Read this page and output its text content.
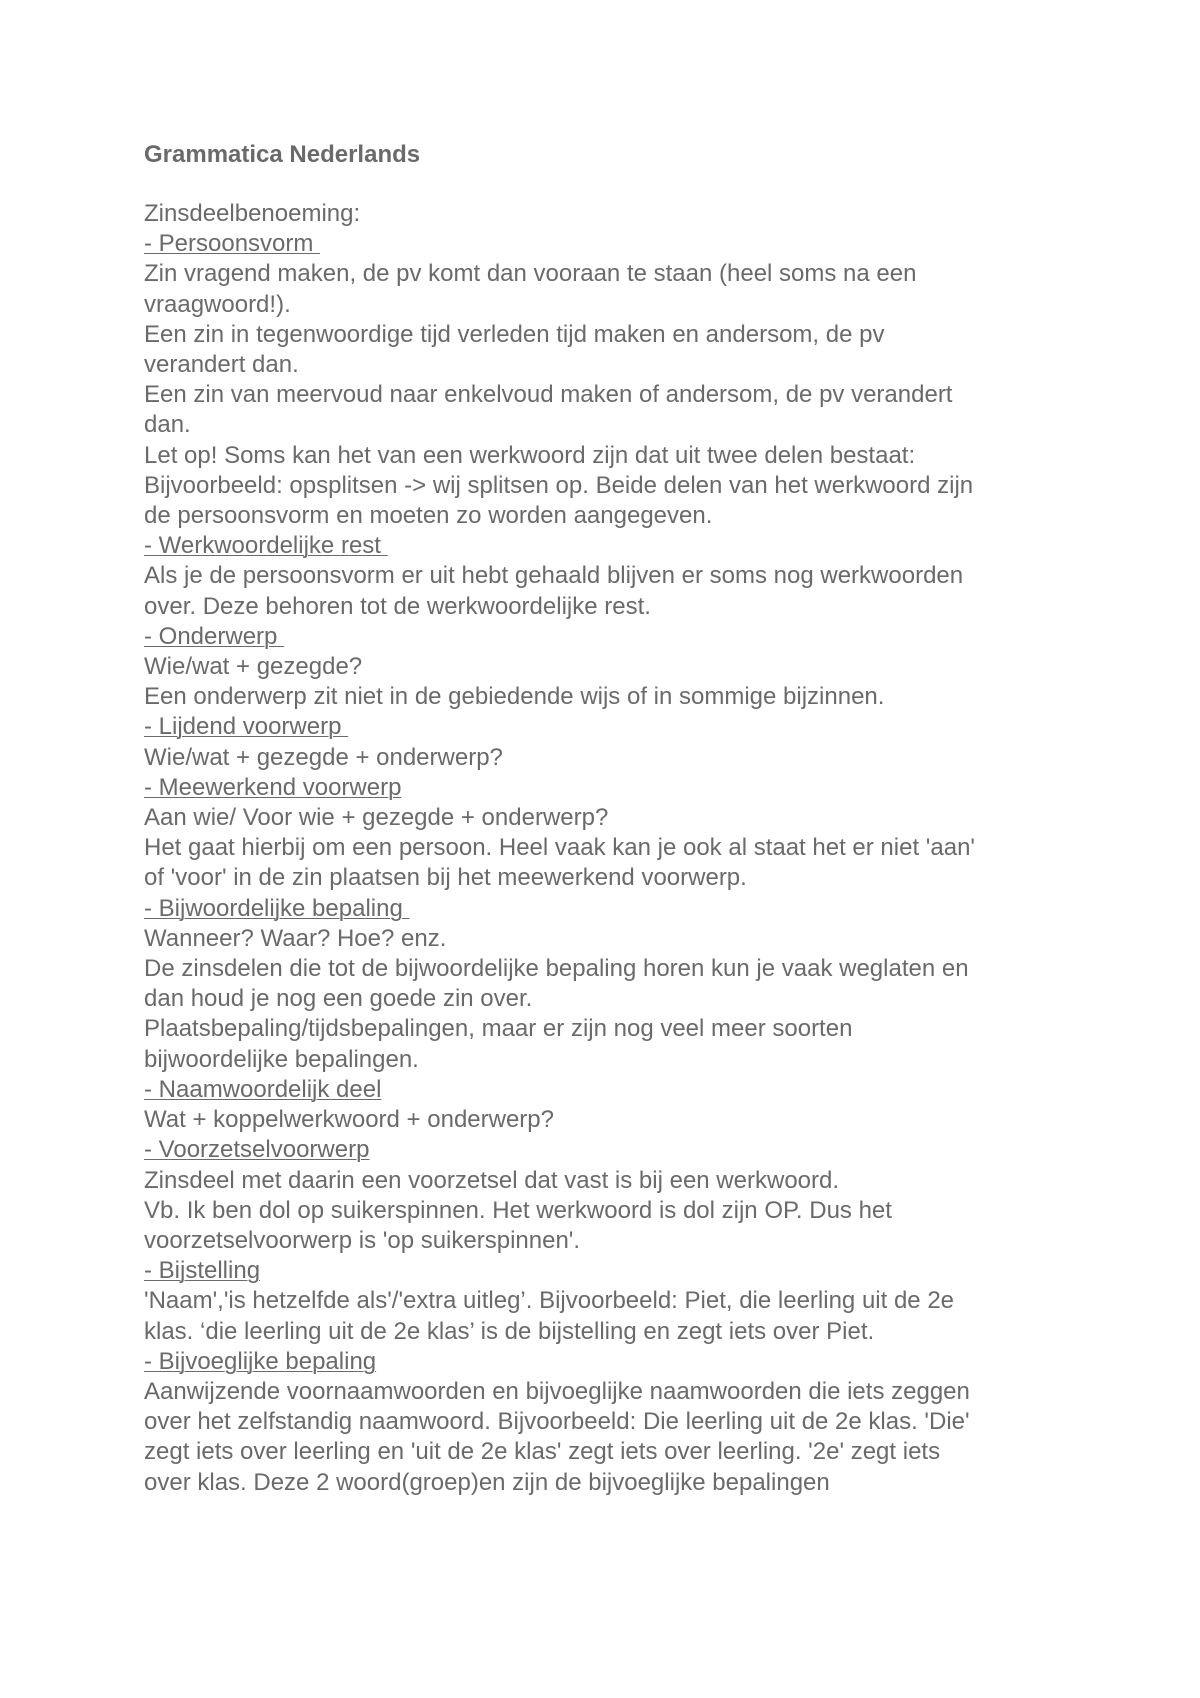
Grammatica Nederlands

Zinsdeelbenoeming:

- Persoonsvorm

Zin vragend maken, de pv komt dan vooraan te staan (heel soms na een

vraagwoord!).

Een zin in tegenwoordige tijd verleden tijd maken en andersom, de pv

verandert dan.

Een zin van meervoud naar enkelvoud maken of andersom, de pv verandert

dan.

Let op! Soms kan het van een werkwoord zijn dat uit twee delen bestaat:

Bijvoorbeeld: opsplitsen -> wij splitsen op. Beide delen van het werkwoord zijn

de persoonsvorm en moeten zo worden aangegeven.

- Werkwoordelijke rest

Als je de persoonsvorm er uit hebt gehaald blijven er soms nog werkwoorden

over. Deze behoren tot de werkwoordelijke rest.

- Onderwerp

Wie/wat + gezegde?

Een onderwerp zit niet in de gebiedende wijs of in sommige bijzinnen.

- Lijdend voorwerp

Wie/wat + gezegde + onderwerp?

- Meewerkend voorwerp

Aan wie/ Voor wie + gezegde + onderwerp?

Het gaat hierbij om een persoon. Heel vaak kan je ook al staat het er niet 'aan'

of 'voor' in de zin plaatsen bij het meewerkend voorwerp.

- Bijwoordelijke bepaling

Wanneer? Waar? Hoe? enz.

De zinsdelen die tot de bijwoordelijke bepaling horen kun je vaak weglaten en

dan houd je nog een goede zin over.

Plaatsbepaling/tijdsbepalingen, maar er zijn nog veel meer soorten

bijwoordelijke bepalingen.

- Naamwoordelijk deel

Wat + koppelwerkwoord + onderwerp?

- Voorzetselvoorwerp

Zinsdeel met daarin een voorzetsel dat vast is bij een werkwoord.

Vb. Ik ben dol op suikerspinnen. Het werkwoord is dol zijn OP. Dus het

voorzetselvoorwerp is 'op suikerspinnen'.

- Bijstelling

'Naam','is hetzelfde als'/'extra uitleg’. Bijvoorbeeld: Piet, die leerling uit de 2e

klas. ‘die leerling uit de 2e klas’ is de bijstelling en zegt iets over Piet.

- Bijvoeglijke bepaling

Aanwijzende voornaamwoorden en bijvoeglijke naamwoorden die iets zeggen

over het zelfstandig naamwoord. Bijvoorbeeld: Die leerling uit de 2e klas. 'Die'

zegt iets over leerling en 'uit de 2e klas' zegt iets over leerling. '2e' zegt iets

over klas. Deze 2 woord(groep)en zijn de bijvoeglijke bepalingen
